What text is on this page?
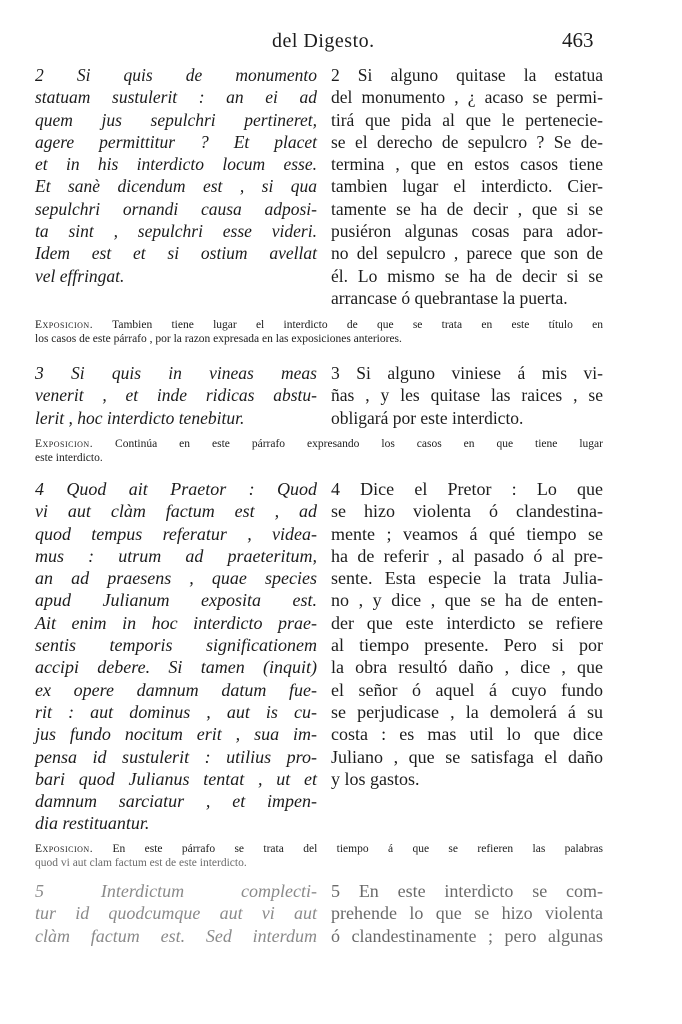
del Digesto.	463
2 Si quis de monumento
statuam sustulerit : an ei ad
quem jus sepulchri pertineret,
agere permittitur ? Et placet
et in his interdicto locum esse.
Et sanè dicendum est , si qua
sepulchri ornandi causa adposi-
ta sint , sepulchri esse videri.
Idem est et si ostium avellat
vel effringat.
2 Si alguno quitase la estatua
del monumento , ¿ acaso se permi-
tirá que pida al que le pertenecie-
se el derecho de sepulcro ? Se de-
termina , que en estos casos tiene
tambien lugar el interdicto. Cier-
tamente se ha de decir , que si se
pusiéron algunas cosas para ador-
no del sepulcro , parece que son de
él. Lo mismo se ha de decir si se
arrancase ó quebrantase la puerta.
Exposicion. Tambien tiene lugar el interdicto de que se trata en este título en
los casos de este párrafo , por la razon expresada en las exposiciones anteriores.
3 Si quis in vineas meas
venerit , et inde ridicas abstu-
lerit , hoc interdicto tenebitur.
3 Si alguno viniese á mis vi-
ñas , y les quitase las raices , se
obligará por este interdicto.
Exposicion. Continúa en este párrafo expresando los casos en que tiene lugar
este interdicto.
4 Quod ait Praetor : Quod
vi aut clàm factum est , ad
quod tempus referatur , videa-
mus : utrum ad praeteritum,
an ad praesens , quae species
apud Julianum exposita est.
Ait enim in hoc interdicto prae-
sentis temporis significationem
accipi debere. Si tamen (inquit)
ex opere damnum datum fue-
rit : aut dominus , aut is cu-
jus fundo nocitum erit , sua im-
pensa id sustulerit : utilius pro-
bari quod Julianus tentat , ut et
damnum sarciatur , et impen-
dia restituantur.
4 Dice el Pretor : Lo que
se hizo violenta ó clandestina-
mente ; veamos á qué tiempo se
ha de referir , al pasado ó al pre-
sente. Esta especie la trata Julia-
no , y dice , que se ha de enten-
der que este interdicto se refiere
al tiempo presente. Pero si por
la obra resultó daño , dice , que
el señor ó aquel á cuyo fundo
se perjudicase , la demolerá á su
costa : es mas util lo que dice
Juliano , que se satisfaga el daño
y los gastos.
Exposicion. En este párrafo se trata del tiempo á que se refieren las palabras
quod vi aut clam factum est de este interdicto.
5 Interdictum complecti-
tur id quodcumque aut vi aut
clàm factum est. Sed interdum
5 En este interdicto se com-
prehende lo que se hizo violenta
ó clandestinamente ; pero algunas
